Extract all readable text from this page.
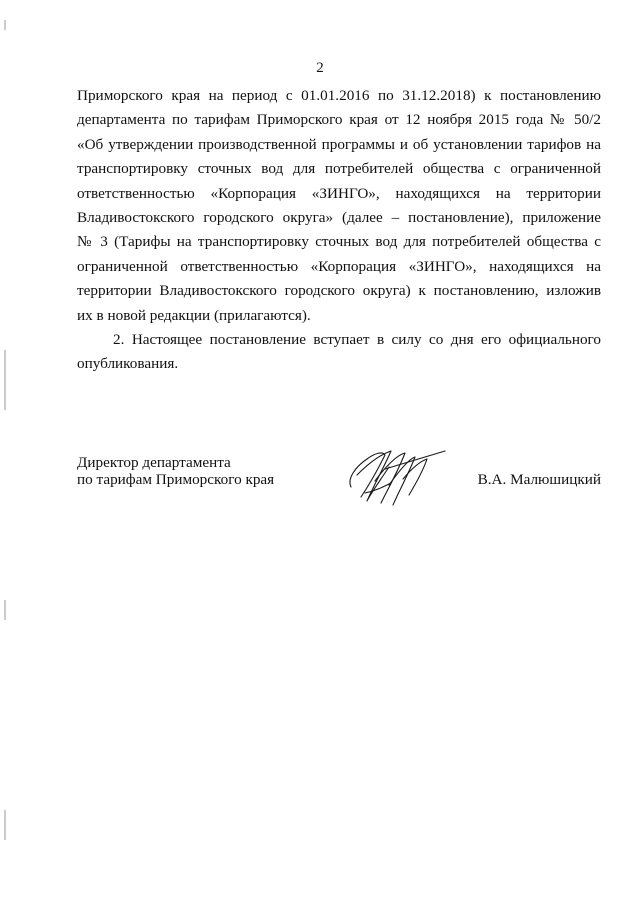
2
Приморского края на период с 01.01.2016 по 31.12.2018) к постановлению
департамента по тарифам Приморского края от 12 ноября 2015 года № 50/2
«Об утверждении производственной программы и об установлении тарифов на
транспортировку сточных вод для потребителей общества с ограниченной
ответственностью «Корпорация «ЗИНГО», находящихся на территории
Владивостокского городского округа» (далее – постановление), приложение
№ 3 (Тарифы на транспортировку сточных вод для потребителей общества с
ограниченной ответственностью «Корпорация «ЗИНГО», находящихся на
территории Владивостокского городского округа) к постановлению, изложив
их в новой редакции (прилагаются).
2. Настоящее постановление вступает в силу со дня его официального
опубликования.
Директор департамента
по тарифам Приморского края	В.А. Малюшицкий
